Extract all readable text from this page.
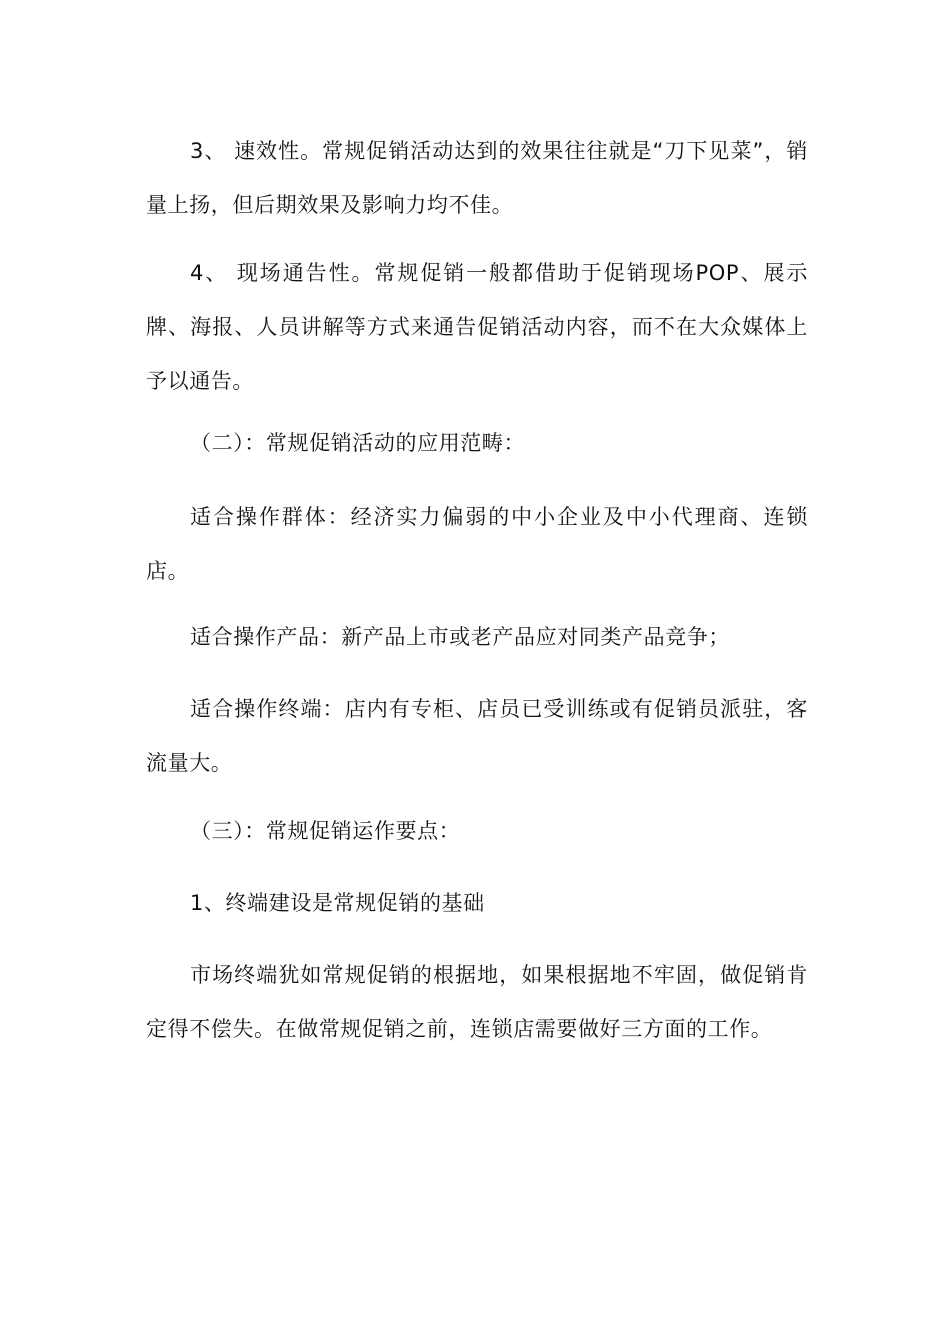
3、 速效性。常规促销活动达到的效果往往就是“刀下见菜”，销量上扬，但后期效果及影响力均不佳。

4、 现场通告性。常规促销一般都借助于促销现场POP、展示牌、海报、人员讲解等方式来通告促销活动内容，而不在大众媒体上予以通告。

（二）：常规促销活动的应用范畴：

适合操作群体：经济实力偏弱的中小企业及中小代理商、连锁店。

适合操作产品：新产品上市或老产品应对同类产品竞争；

适合操作终端：店内有专柜、店员已受训练或有促销员派驻，客流量大。

（三）：常规促销运作要点：

1、终端建设是常规促销的基础

市场终端犹如常规促销的根据地，如果根据地不牢固，做促销肯定得不偿失。在做常规促销之前，连锁店需要做好三方面的工作。
